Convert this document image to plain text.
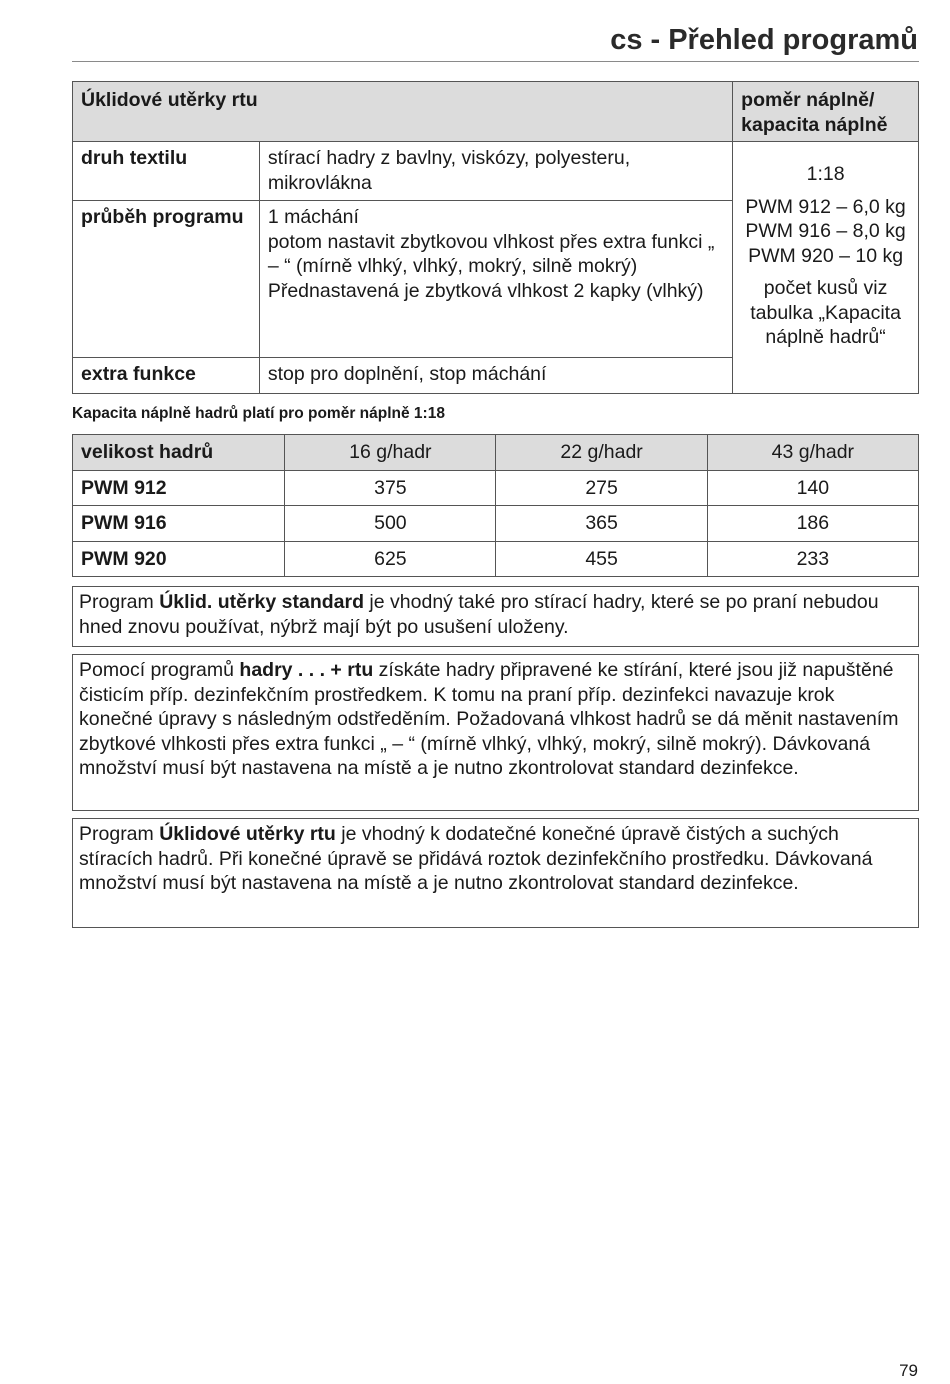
cs - Přehled programů
Úklidové utěrky rtu		poměr náplně/ kapacita náplně
druh textilu	stírací hadry z bavlny, viskózy, polyesteru, mikrovlákna	1:18
PWM 912 – 6,0 kg
PWM 916 – 8,0 kg
PWM 920 – 10 kg
počet kusů viz tabulka „Kapacita náplně hadrů“

průběh programu	1 máchání
potom nastavit zbytkovou vlhkost přes extra funkci „ ‒ “ (mírně vlhký, vlhký, mokrý, silně mokrý)
Přednastavená je zbytková vlhkost 2 kapky (vlhký)	

extra funkce	stop pro doplnění, stop máchání	
Kapacita náplně hadrů platí pro poměr náplně 1:18
velikost hadrů	16 g/hadr	22 g/hadr	43 g/hadr
PWM 912	375	275	140
PWM 916	500	365	186
PWM 920	625	455	233
Program Úklid. utěrky standard je vhodný také pro stírací hadry, které se po praní nebudou hned znovu používat, nýbrž mají být po usušení uloženy.
Pomocí programů hadry . . . + rtu získáte hadry připravené ke stírání, které jsou již napuštěné čisticím příp. dezinfekčním prostředkem. K tomu na praní příp. dezinfekci navazuje krok konečné úpravy s následným odstředěním. Požadovaná vlhkost hadrů se dá měnit nastavením zbytkové vlhkosti přes extra funkci „ ‒ “ (mírně vlhký, vlhký, mokrý, silně mokrý). Dávkovaná množství musí být nastavena na místě a je nutno zkontrolovat standard dezinfekce.
Program Úklidové utěrky rtu je vhodný k dodatečné konečné úpravě čistých a suchých stíracích hadrů. Při konečné úpravě se přidává roztok dezinfekčního prostředku. Dávkovaná množství musí být nastavena na místě a je nutno zkontrolovat standard dezinfekce.
79
